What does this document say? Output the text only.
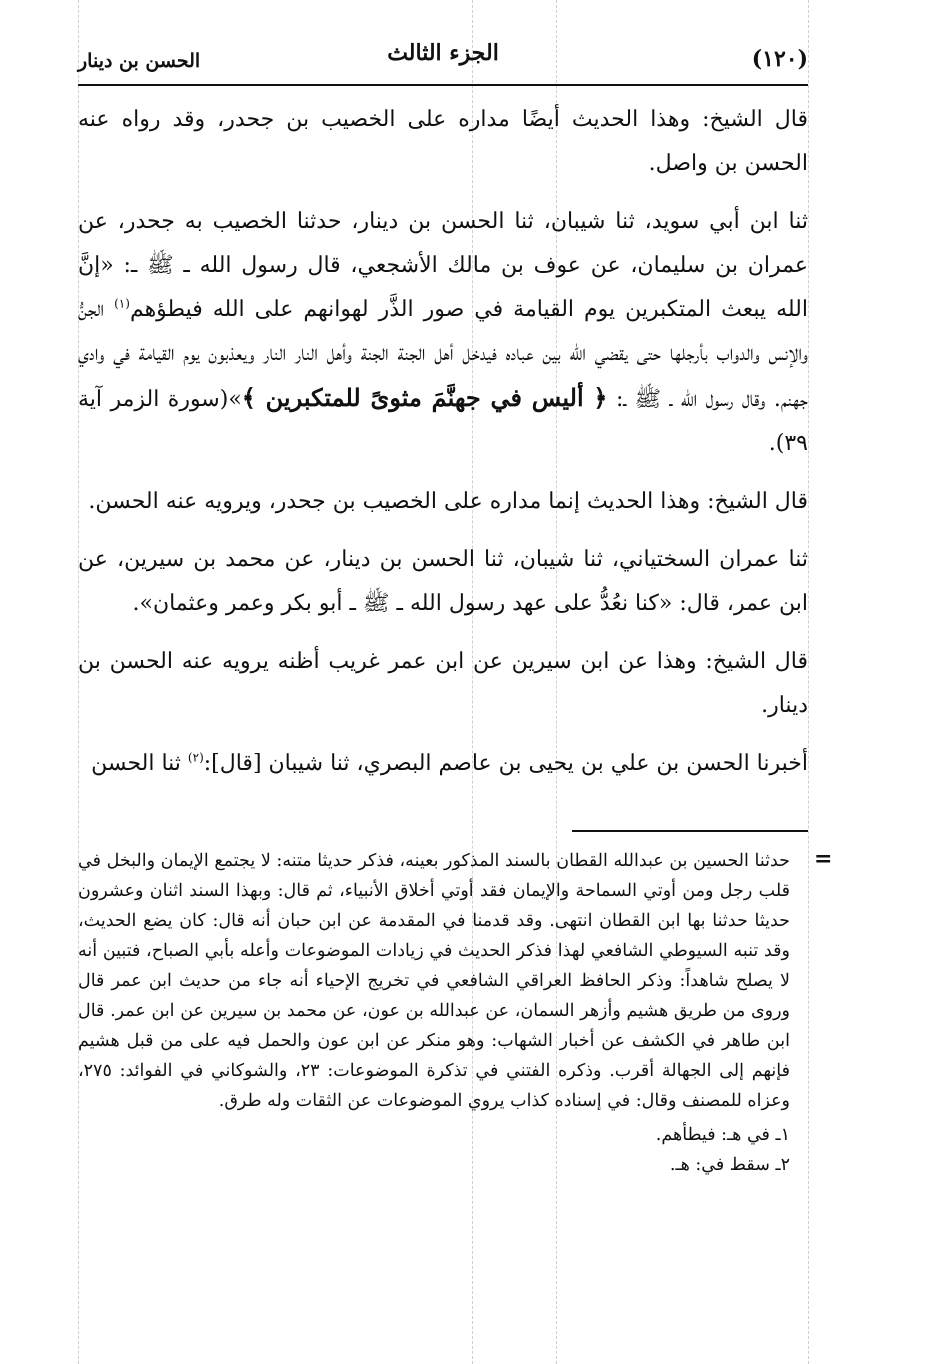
(١٢٠)
الجزء الثالث
الحسن بن دينار

قال الشيخ: وهذا الحديث أيضًا مداره على الخصيب بن جحدر، وقد رواه عنه الحسن بن واصل.

ثنا ابن أبي سويد، ثنا شيبان، ثنا الحسن بن دينار، حدثنا الخصيب به جحدر، عن عمران بن سليمان، عن عوف بن مالك الأشجعي، قال رسول الله ـ ﷺ ـ: «إنَّ الله يبعث المتكبرين يوم القيامة في صور الذَّر لهوانهم على الله فيطؤهم$^{(١)}$ الجنُّ والإنس والدواب بأرجلها حتى يقضي الله بين عباده فيدخل أهل الجنة الجنة وأهل النار النار ويعذبون يوم القيامة في وادي جهنم. وقال رسول الله ـ ﷺ ـ: ﴿ أليس في جهنَّمَ مثوىً للمتكبرين ﴾»(سورة الزمر آية ٣٩).

قال الشيخ: وهذا الحديث إنما مداره على الخصيب بن جحدر، ويرويه عنه الحسن.

ثنا عمران السختياني، ثنا شيبان، ثنا الحسن بن دينار، عن محمد بن سيرين، عن ابن عمر، قال: «كنا نعُدُّ على عهد رسول الله ـ ﷺ ـ أبو بكر وعمر وعثمان».

قال الشيخ: وهذا عن ابن سيرين عن ابن عمر غريب أظنه يرويه عنه الحسن بن دينار.

أخبرنا الحسن بن علي بن يحيى بن عاصم البصري، ثنا شيبان [قال]:$^{(٢)}$ ثنا الحسن

=

حدثنا الحسين بن عبدالله القطان بالسند المذكور بعينه، فذكر حديثا متنه: لا يجتمع الإيمان والبخل في قلب رجل ومن أوتي السماحة والإيمان فقد أوتي أخلاق الأنبياء، ثم قال: وبهذا السند اثنان وعشرون حديثا حدثنا بها ابن القطان انتهى. وقد قدمنا في المقدمة عن ابن حبان أنه قال: كان يضع الحديث، وقد تنبه السيوطي الشافعي لهذا فذكر الحديث في زيادات الموضوعات وأعله بأبي الصباح، فتبين أنه لا يصلح شاهداً: وذكر الحافظ العراقي الشافعي في تخريج الإحياء أنه جاء من حديث ابن عمر قال وروى من طريق هشيم وأزهر السمان، عن عبدالله بن عون، عن محمد بن سيرين عن ابن عمر. قال ابن طاهر في الكشف عن أخبار الشهاب: وهو منكر عن ابن عون والحمل فيه على من قبل هشيم فإنهم إلى الجهالة أقرب. وذكره الفتني في تذكرة الموضوعات: ٢٣، والشوكاني في الفوائد: ٢٧٥، وعزاه للمصنف وقال: في إسناده كذاب يروي الموضوعات عن الثقات وله طرق.

١ـ في هـ: فيطأهم.

٢ـ سقط في: هـ.
